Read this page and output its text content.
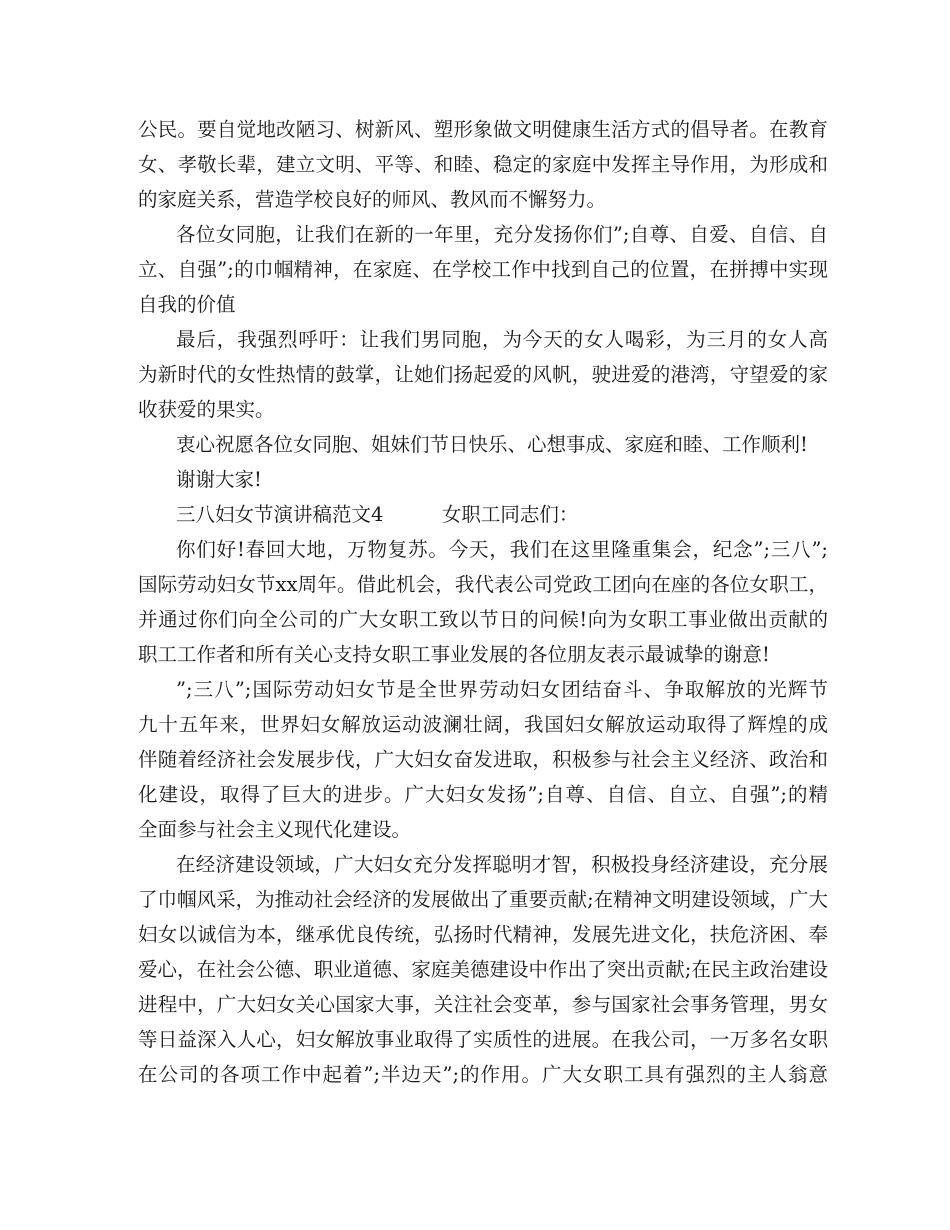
公民。要自觉地改陋习、树新风、塑形象做文明健康生活方式的倡导者。在教育
女、孝敬长辈，建立文明、平等、和睦、稳定的家庭中发挥主导作用，为形成和
的家庭关系，营造学校良好的师风、教风而不懈努力。
各位女同胞，让我们在新的一年里，充分发扬你们”;自尊、自爱、自信、自
立、自强”;的巾帼精神，在家庭、在学校工作中找到自己的位置，在拼搏中实现
自我的价值
最后，我强烈呼吁：让我们男同胞，为今天的女人喝彩，为三月的女人高
为新时代的女性热情的鼓掌，让她们扬起爱的风帆，驶进爱的港湾，守望爱的家
收获爱的果实。
衷心祝愿各位女同胞、姐妹们节日快乐、心想事成、家庭和睦、工作顺利!
谢谢大家!
三八妇女节演讲稿范文4　　　女职工同志们：
你们好!春回大地，万物复苏。今天，我们在这里隆重集会，纪念”;三八”;
国际劳动妇女节xx周年。借此机会，我代表公司党政工团向在座的各位女职工，
并通过你们向全公司的广大女职工致以节日的问候!向为女职工事业做出贡献的
职工工作者和所有关心支持女职工事业发展的各位朋友表示最诚挚的谢意!
”;三八”;国际劳动妇女节是全世界劳动妇女团结奋斗、争取解放的光辉节
九十五年来，世界妇女解放运动波澜壮阔，我国妇女解放运动取得了辉煌的成
伴随着经济社会发展步伐，广大妇女奋发进取，积极参与社会主义经济、政治和
化建设，取得了巨大的进步。广大妇女发扬”;自尊、自信、自立、自强”;的精
全面参与社会主义现代化建设。
在经济建设领域，广大妇女充分发挥聪明才智，积极投身经济建设，充分展
了巾帼风采，为推动社会经济的发展做出了重要贡献;在精神文明建设领域，广大
妇女以诚信为本，继承优良传统，弘扬时代精神，发展先进文化，扶危济困、奉
爱心，在社会公德、职业道德、家庭美德建设中作出了突出贡献;在民主政治建设
进程中，广大妇女关心国家大事，关注社会变革，参与国家社会事务管理，男女
等日益深入人心，妇女解放事业取得了实质性的进展。在我公司，一万多名女职
在公司的各项工作中起着”;半边天”;的作用。广大女职工具有强烈的主人翁意
